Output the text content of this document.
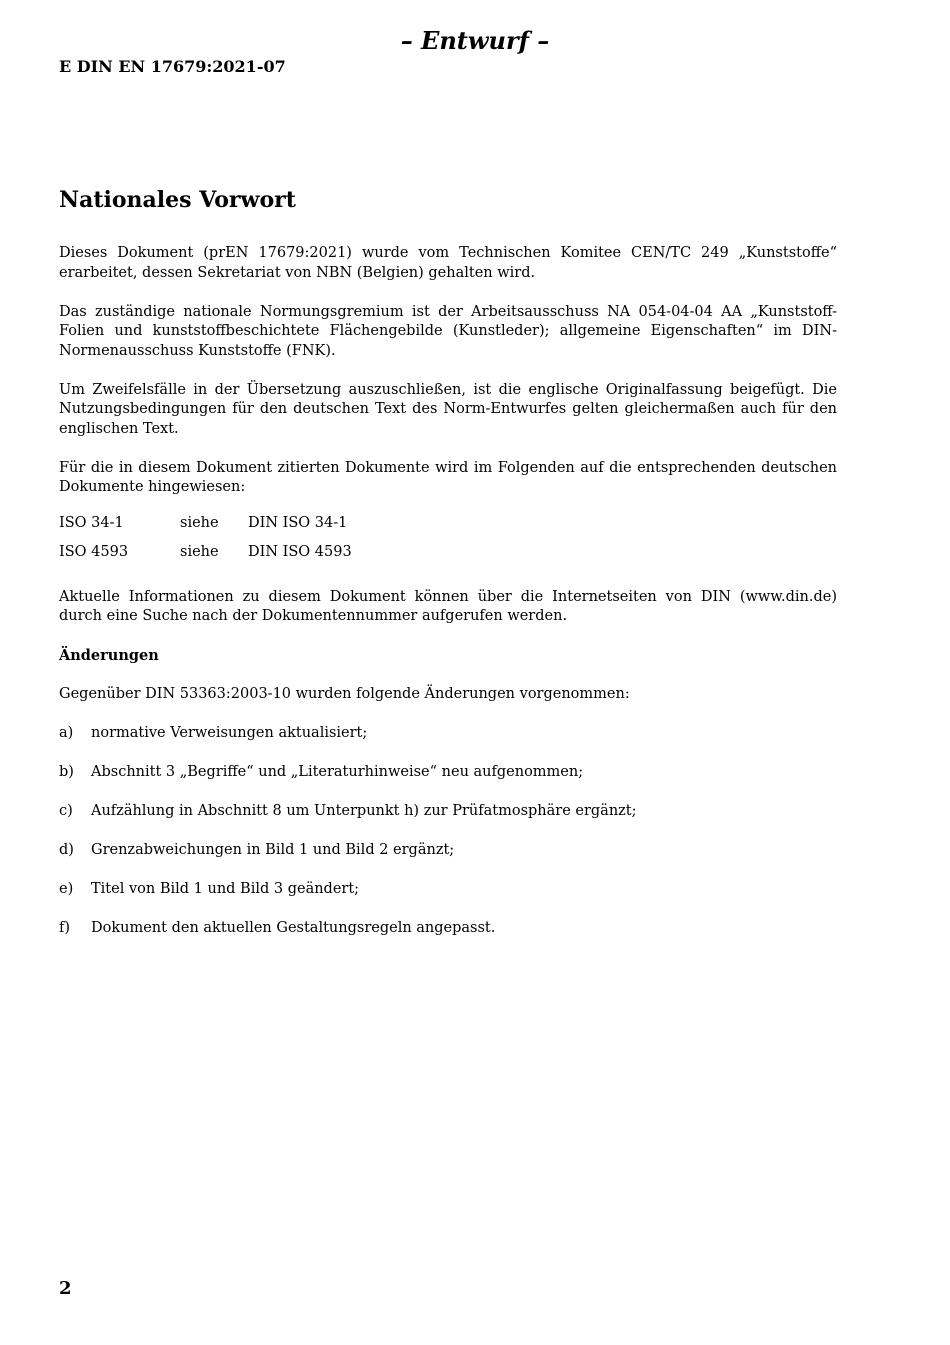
– Entwurf –
E DIN EN 17679:2021-07
Nationales Vorwort

Dieses Dokument (prEN 17679:2021) wurde vom Technischen Komitee CEN/TC 249 „Kunststoffe“ erarbeitet, dessen Sekretariat von NBN (Belgien) gehalten wird.

Das zuständige nationale Normungsgremium ist der Arbeitsausschuss NA 054-04-04 AA „Kunststoff-Folien und kunststoffbeschichtete Flächengebilde (Kunstleder); allgemeine Eigenschaften“ im DIN-Normenausschuss Kunststoffe (FNK).

Um Zweifelsfälle in der Übersetzung auszuschließen, ist die englische Originalfassung beigefügt. Die Nutzungsbedingungen für den deutschen Text des Norm-Entwurfes gelten gleichermaßen auch für den englischen Text.

Für die in diesem Dokument zitierten Dokumente wird im Folgenden auf die entsprechenden deutschen Dokumente hingewiesen:

ISO 34-1	siehe	DIN ISO 34-1
ISO 4593	siehe	DIN ISO 4593

Aktuelle Informationen zu diesem Dokument können über die Internetseiten von DIN (www.din.de) durch eine Suche nach der Dokumentennummer aufgerufen werden.

Änderungen

Gegenüber DIN 53363:2003-10 wurden folgende Änderungen vorgenommen:

a)	normative Verweisungen aktualisiert;
b)	Abschnitt 3 „Begriffe“ und „Literaturhinweise“ neu aufgenommen;
c)	Aufzählung in Abschnitt 8 um Unterpunkt h) zur Prüfatmosphäre ergänzt;
d)	Grenzabweichungen in Bild 1 und Bild 2 ergänzt;
e)	Titel von Bild 1 und Bild 3 geändert;
f)	Dokument den aktuellen Gestaltungsregeln angepasst.
2
